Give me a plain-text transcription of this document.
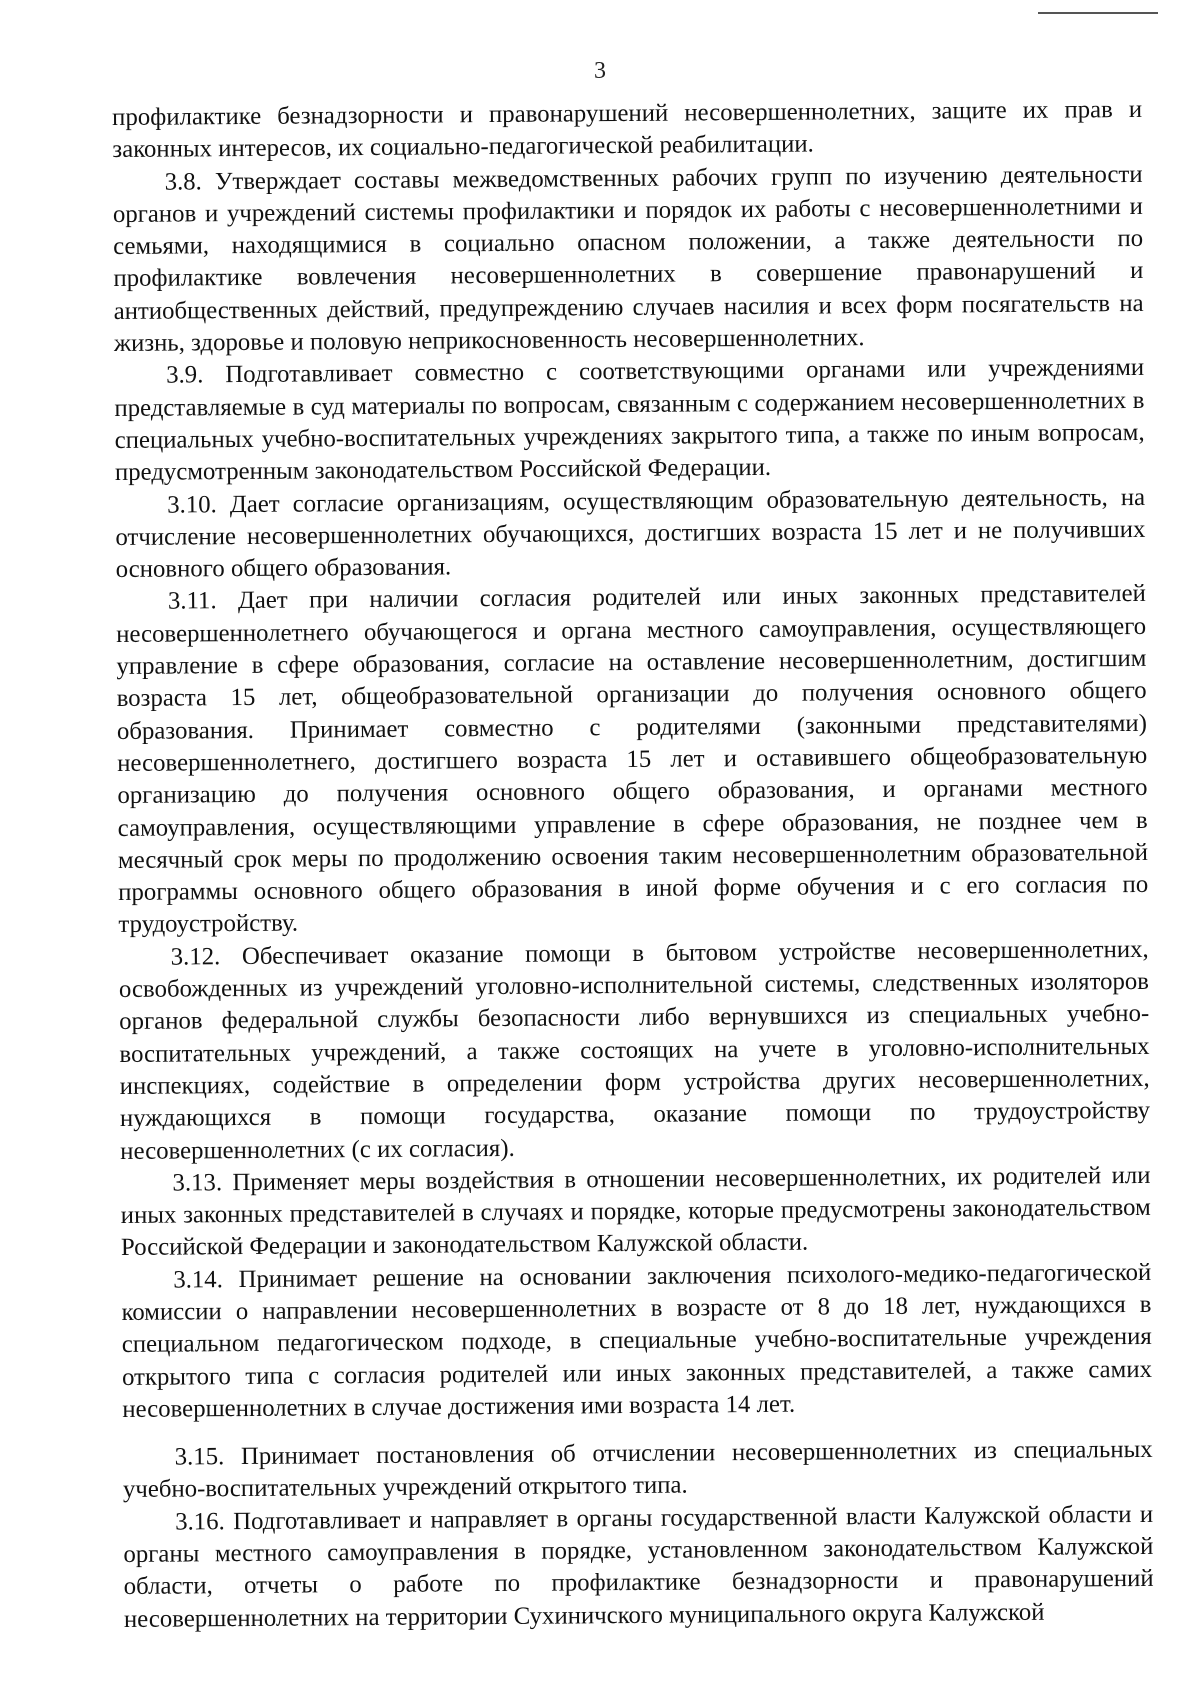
3

профилактике безнадзорности и правонарушений несовершеннолетних, защите их прав и законных интересов, их социально-педагогической реабилитации.

3.8. Утверждает составы межведомственных рабочих групп по изучению деятельности органов и учреждений системы профилактики и порядок их работы с несовершеннолетними и семьями, находящимися в социально опасном положении, а также деятельности по профилактике вовлечения несовершеннолетних в совершение правонарушений и антиобщественных действий, предупреждению случаев насилия и всех форм посягательств на жизнь, здоровье и половую неприкосновенность несовершеннолетних.

3.9. Подготавливает совместно с соответствующими органами или учреждениями представляемые в суд материалы по вопросам, связанным с содержанием несовершеннолетних в специальных учебно-воспитательных учреждениях закрытого типа, а также по иным вопросам, предусмотренным законодательством Российской Федерации.

3.10. Дает согласие организациям, осуществляющим образовательную деятельность, на отчисление несовершеннолетних обучающихся, достигших возраста 15 лет и не получивших основного общего образования.

3.11. Дает при наличии согласия родителей или иных законных представителей несовершеннолетнего обучающегося и органа местного самоуправления, осуществляющего управление в сфере образования, согласие на оставление несовершеннолетним, достигшим возраста 15 лет, общеобразовательной организации до получения основного общего образования. Принимает совместно с родителями (законными представителями) несовершеннолетнего, достигшего возраста 15 лет и оставившего общеобразовательную организацию до получения основного общего образования, и органами местного самоуправления, осуществляющими управление в сфере образования, не позднее чем в месячный срок меры по продолжению освоения таким несовершеннолетним образовательной программы основного общего образования в иной форме обучения и с его согласия по трудоустройству.

3.12. Обеспечивает оказание помощи в бытовом устройстве несовершеннолетних, освобожденных из учреждений уголовно-исполнительной системы, следственных изоляторов органов федеральной службы безопасности либо вернувшихся из специальных учебно-воспитательных учреждений, а также состоящих на учете в уголовно-исполнительных инспекциях, содействие в определении форм устройства других несовершеннолетних, нуждающихся в помощи государства, оказание помощи по трудоустройству несовершеннолетних (с их согласия).

3.13. Применяет меры воздействия в отношении несовершеннолетних, их родителей или иных законных представителей в случаях и порядке, которые предусмотрены законодательством Российской Федерации и законодательством Калужской области.

3.14. Принимает решение на основании заключения психолого-медико-педагогической комиссии о направлении несовершеннолетних в возрасте от 8 до 18 лет, нуждающихся в специальном педагогическом подходе, в специальные учебно-воспитательные учреждения открытого типа с согласия родителей или иных законных представителей, а также самих несовершеннолетних в случае достижения ими возраста 14 лет.

3.15. Принимает постановления об отчислении несовершеннолетних из специальных учебно-воспитательных учреждений открытого типа.

3.16. Подготавливает и направляет в органы государственной власти Калужской области и органы местного самоуправления в порядке, установленном законодательством Калужской области, отчеты о работе по профилактике безнадзорности и правонарушений несовершеннолетних на территории Сухиничского муниципального округа Калужской
